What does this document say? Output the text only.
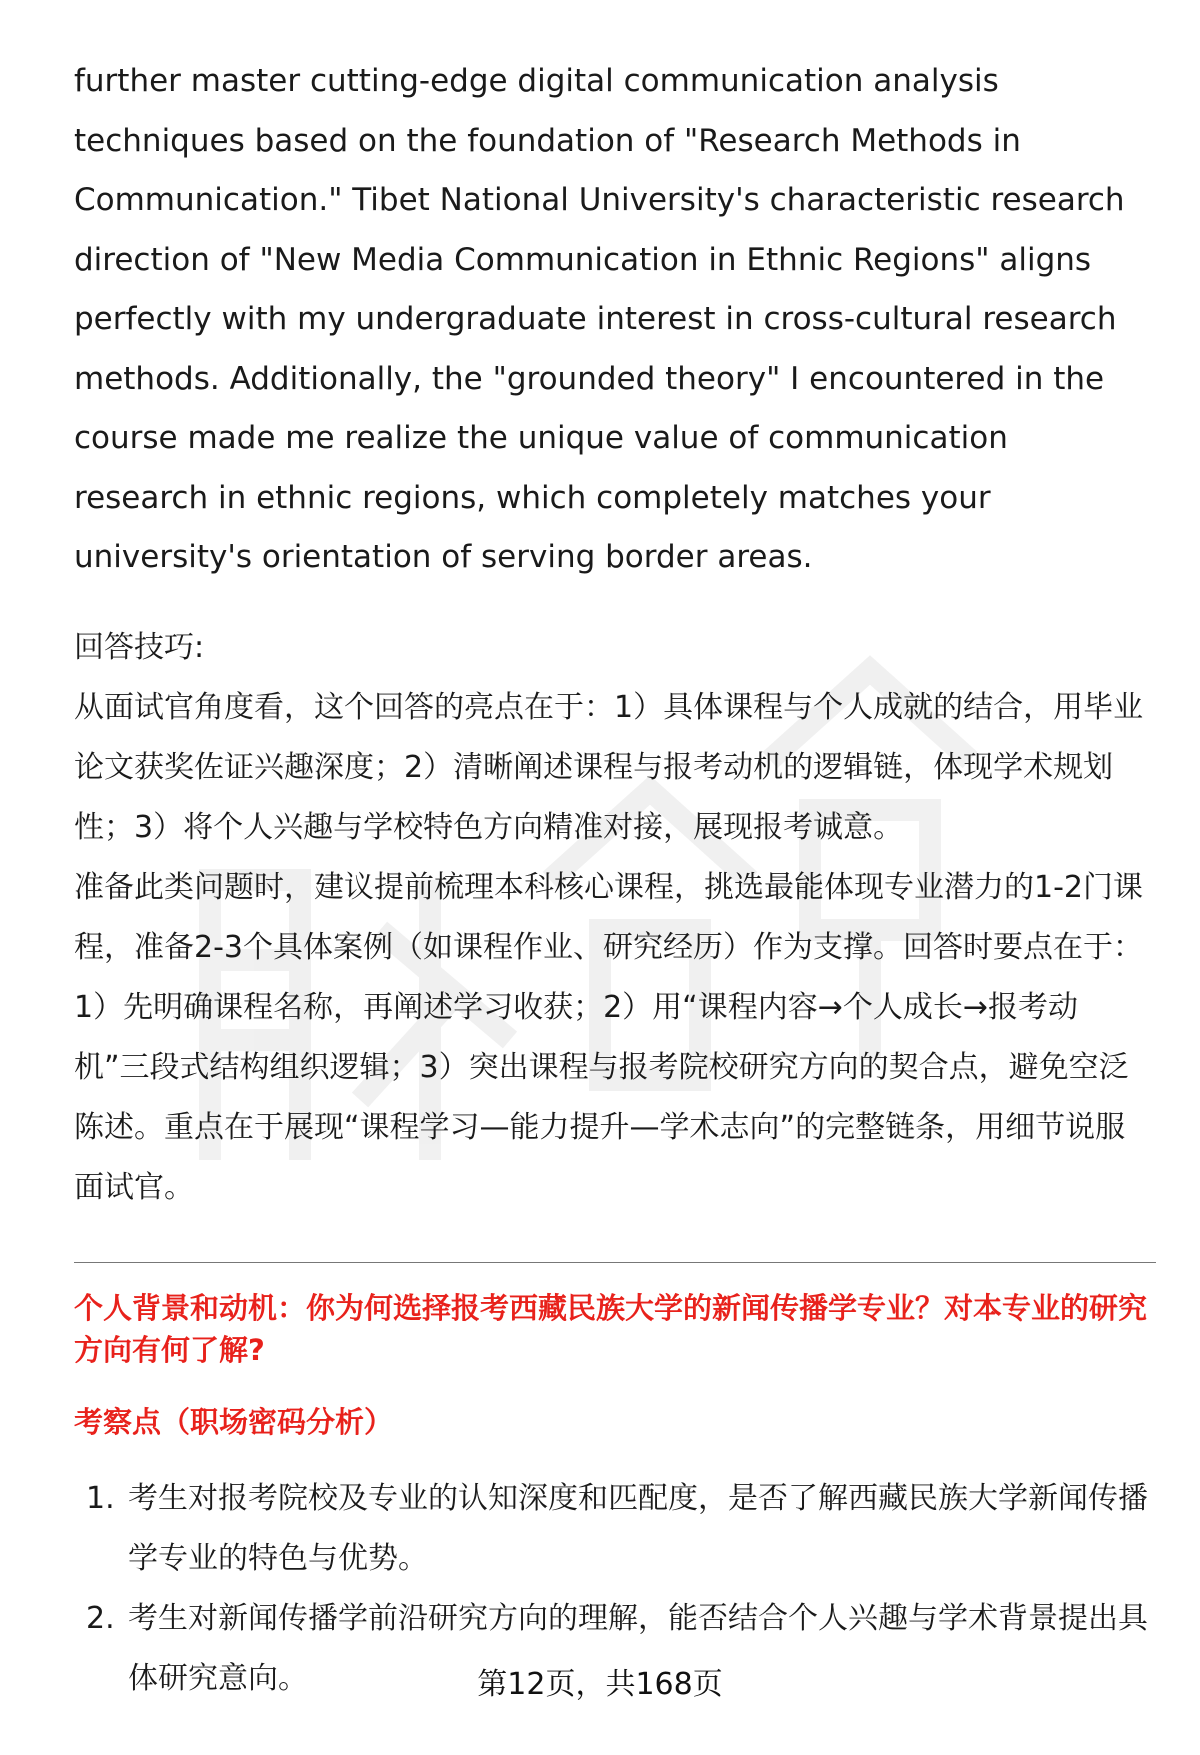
further master cutting-edge digital communication analysis techniques based on the foundation of "Research Methods in Communication." Tibet National University's characteristic research direction of "New Media Communication in Ethnic Regions" aligns perfectly with my undergraduate interest in cross-cultural research methods. Additionally, the "grounded theory" I encountered in the course made me realize the unique value of communication research in ethnic regions, which completely matches your university's orientation of serving border areas.

回答技巧:

从面试官角度看，这个回答的亮点在于：1）具体课程与个人成就的结合，用毕业论文获奖佐证兴趣深度；2）清晰阐述课程与报考动机的逻辑链，体现学术规划性；3）将个人兴趣与学校特色方向精准对接，展现报考诚意。

准备此类问题时，建议提前梳理本科核心课程，挑选最能体现专业潜力的1-2门课程，准备2-3个具体案例（如课程作业、研究经历）作为支撑。回答时要点在于：1）先明确课程名称，再阐述学习收获；2）用“课程内容→个人成长→报考动机”三段式结构组织逻辑；3）突出课程与报考院校研究方向的契合点，避免空泛陈述。重点在于展现“课程学习—能力提升—学术志向”的完整链条，用细节说服面试官。

个人背景和动机：你为何选择报考西藏民族大学的新闻传播学专业？对本专业的研究方向有何了解?

考察点（职场密码分析）

1. 考生对报考院校及专业的认知深度和匹配度，是否了解西藏民族大学新闻传播学专业的特色与优势。
2. 考生对新闻传播学前沿研究方向的理解，能否结合个人兴趣与学术背景提出具体研究意向。	第12页，共168页
